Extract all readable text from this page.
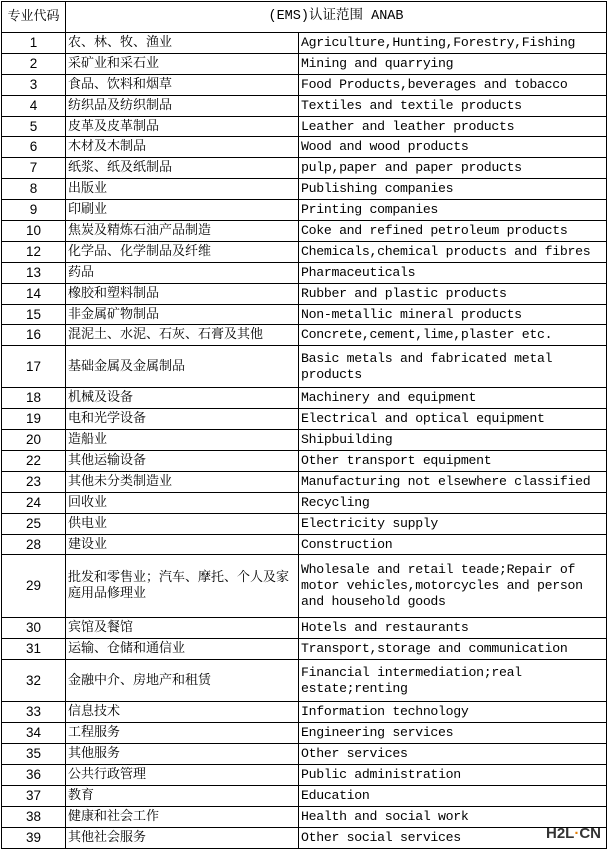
专业代码	(EMS)认证范围 ANAB	
1	农、林、牧、渔业	Agriculture,Hunting,Forestry,Fishing
2	采矿业和采石业	Mining and quarrying
3	食品、饮料和烟草	Food Products,beverages and tobacco
4	纺织品及纺织制品	Textiles and textile products
5	皮革及皮革制品	Leather and leather products
6	木材及木制品	Wood and wood products
7	纸浆、纸及纸制品	pulp,paper and paper products
8	出版业	Publishing companies
9	印刷业	Printing companies
10	焦炭及精炼石油产品制造	Coke and refined petroleum products
12	化学品、化学制品及纤维	Chemicals,chemical products and fibres
13	药品	Pharmaceuticals
14	橡胶和塑料制品	Rubber and plastic products
15	非金属矿物制品	Non-metallic mineral products
16	混泥土、水泥、石灰、石膏及其他	Concrete,cement,lime,plaster etc.
17	基础金属及金属制品	Basic metals and fabricated metal products
18	机械及设备	Machinery and equipment
19	电和光学设备	Electrical and optical equipment
20	造船业	Shipbuilding
22	其他运输设备	Other transport equipment
23	其他未分类制造业	Manufacturing not elsewhere classified
24	回收业	Recycling
25	供电业	Electricity supply
28	建设业	Construction
29	批发和零售业；汽车、摩托、个人及家庭用品修理业	Wholesale and retail teade;Repair of motor vehicles,motorcycles and person and household goods
30	宾馆及餐馆	Hotels and restaurants
31	运输、仓储和通信业	Transport,storage and communication
32	金融中介、房地产和租赁	Financial intermediation;real estate;renting
33	信息技术	Information technology
34	工程服务	Engineering services
35	其他服务	Other services
36	公共行政管理	Public administration
37	教育	Education
38	健康和社会工作	Health and social work
39	其他社会服务	Other social services	H2L·CN
